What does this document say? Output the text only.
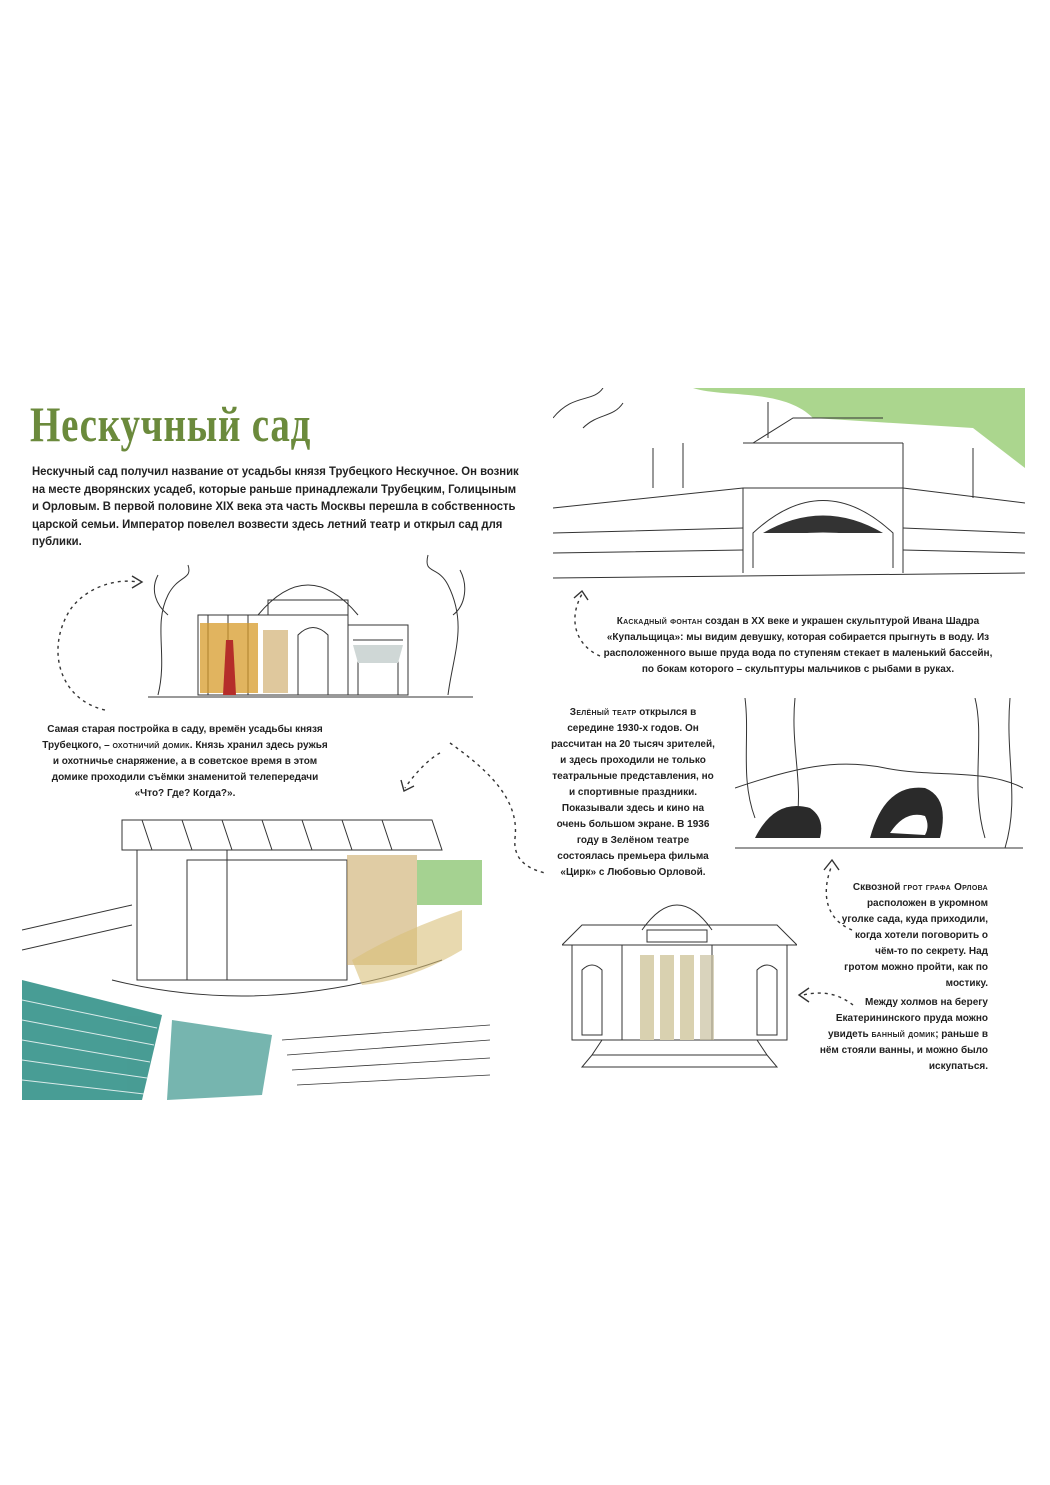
Нескучный сад
Нескучный сад получил название от усадьбы князя Трубецкого Нескучное. Он возник на месте дворянских усадеб, которые раньше принадлежали Трубецким, Голицыным и Орловым. В первой половине XIX века эта часть Москвы перешла в собственность царской семьи. Император повелел возвести здесь летний театр и открыл сад для публики.
Самая старая постройка в саду, времён усадьбы князя Трубецкого, – охотничий домик. Князь хранил здесь ружья и охотничье снаряжение, а в советское время в этом домике проходили съёмки знаменитой телепередачи «Что? Где? Когда?».
Каскадный фонтан создан в XX веке и украшен скульптурой Ивана Шадра «Купальщица»: мы видим девушку, которая собирается прыгнуть в воду. Из расположенного выше пруда вода по ступеням стекает в маленький бассейн, по бокам которого – скульптуры мальчиков с рыбами в руках.
Зелёный театр открылся в середине 1930-х годов. Он рассчитан на 20 тысяч зрителей, и здесь проходили не только театральные представления, но и спортивные праздники. Показывали здесь и кино на очень большом экране. В 1936 году в Зелёном театре состоялась премьера фильма «Цирк» с Любовью Орловой.
Сквозной грот графа Орлова расположен в укромном уголке сада, куда приходили, когда хотели поговорить о чём-то по секрету. Над гротом можно пройти, как по мостику.
Между холмов на берегу Екатерининского пруда можно увидеть банный домик; раньше в нём стояли ванны, и можно было искупаться.
